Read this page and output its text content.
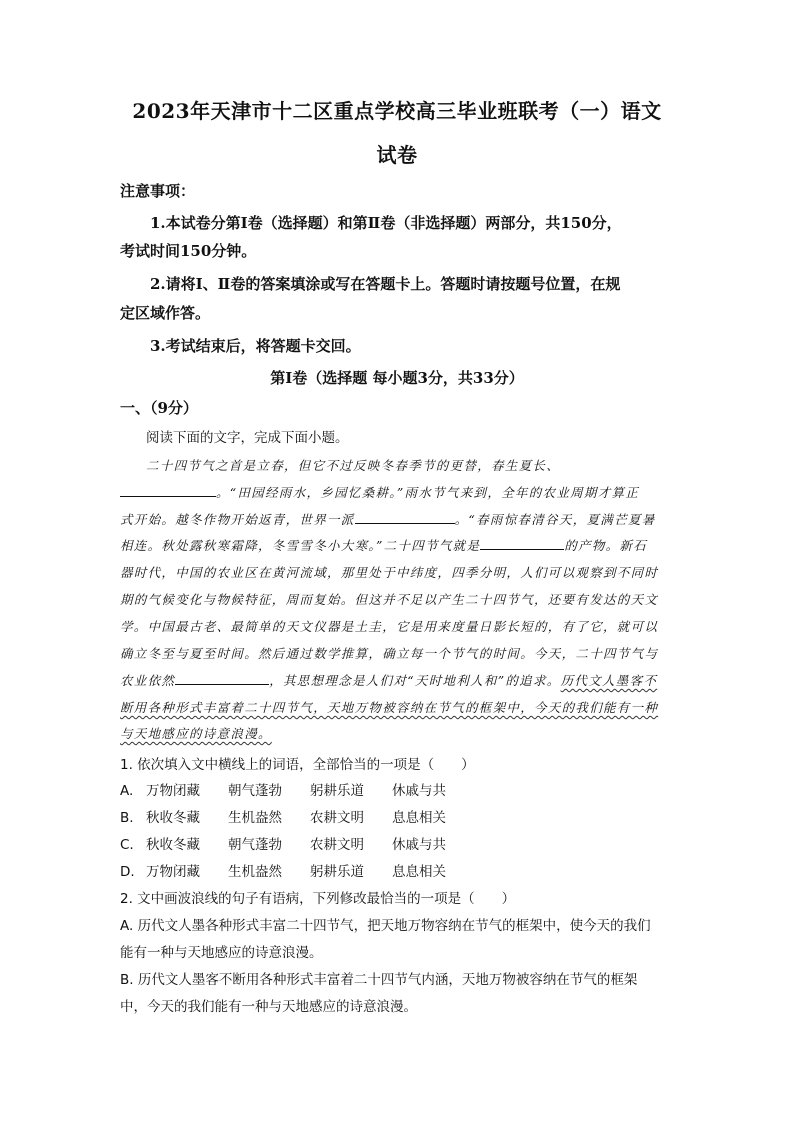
2023年天津市十二区重点学校高三毕业班联考（一）语文
试卷
注意事项：
1.本试卷分第Ⅰ卷（选择题）和第Ⅱ卷（非选择题）两部分，共150分，
考试时间150分钟。
2.请将Ⅰ、Ⅱ卷的答案填涂或写在答题卡上。答题时请按题号位置，在规
定区域作答。
3.考试结束后，将答题卡交回。
第Ⅰ卷（选择题 每小题3分，共33分）
一、（9分）
阅读下面的文字，完成下面小题。
二十四节气之首是立春，但它不过反映冬春季节的更替，春生夏长、
。“田园经雨水，乡园忆桑耕。”雨水节气来到，全年的农业周期才算正
式开始。越冬作物开始返青，世界一派	。“春雨惊春清谷天，夏满芒夏暑
相连。秋处露秋寒霜降，冬雪雪冬小大寒。”二十四节气就是	的产物。新石
器时代，中国的农业区在黄河流域，那里处于中纬度，四季分明，人们可以观察到不同时
期的气候变化与物候特征，周而复始。但这并不足以产生二十四节气，还要有发达的天文
学。中国最古老、最简单的天文仪器是土圭，它是用来度量日影长短的，有了它，就可以
确立冬至与夏至时间。然后通过数学推算，确立每一个节气的时间。今天，二十四节气与
农业依然	，其思想理念是人们对“天时地利人和”的追求。历代文人墨客不
断用各种形式丰富着二十四节气，天地万物被容纳在节气的框架中，今天的我们能有一种
与天地感应的诗意浪漫。
1. 依次填入文中横线上的词语，全部恰当的一项是（　　）
A. 万物闭藏 朝气蓬勃 躬耕乐道 休戚与共
B. 秋收冬藏 生机盎然 农耕文明 息息相关
C. 秋收冬藏 朝气蓬勃 农耕文明 休戚与共
D. 万物闭藏 生机盎然 躬耕乐道 息息相关
2. 文中画波浪线的句子有语病，下列修改最恰当的一项是（　　）
A. 历代文人墨各种形式丰富二十四节气，把天地万物容纳在节气的框架中，使今天的我们
能有一种与天地感应的诗意浪漫。
B. 历代文人墨客不断用各种形式丰富着二十四节气内涵，天地万物被容纳在节气的框架
中，今天的我们能有一种与天地感应的诗意浪漫。
